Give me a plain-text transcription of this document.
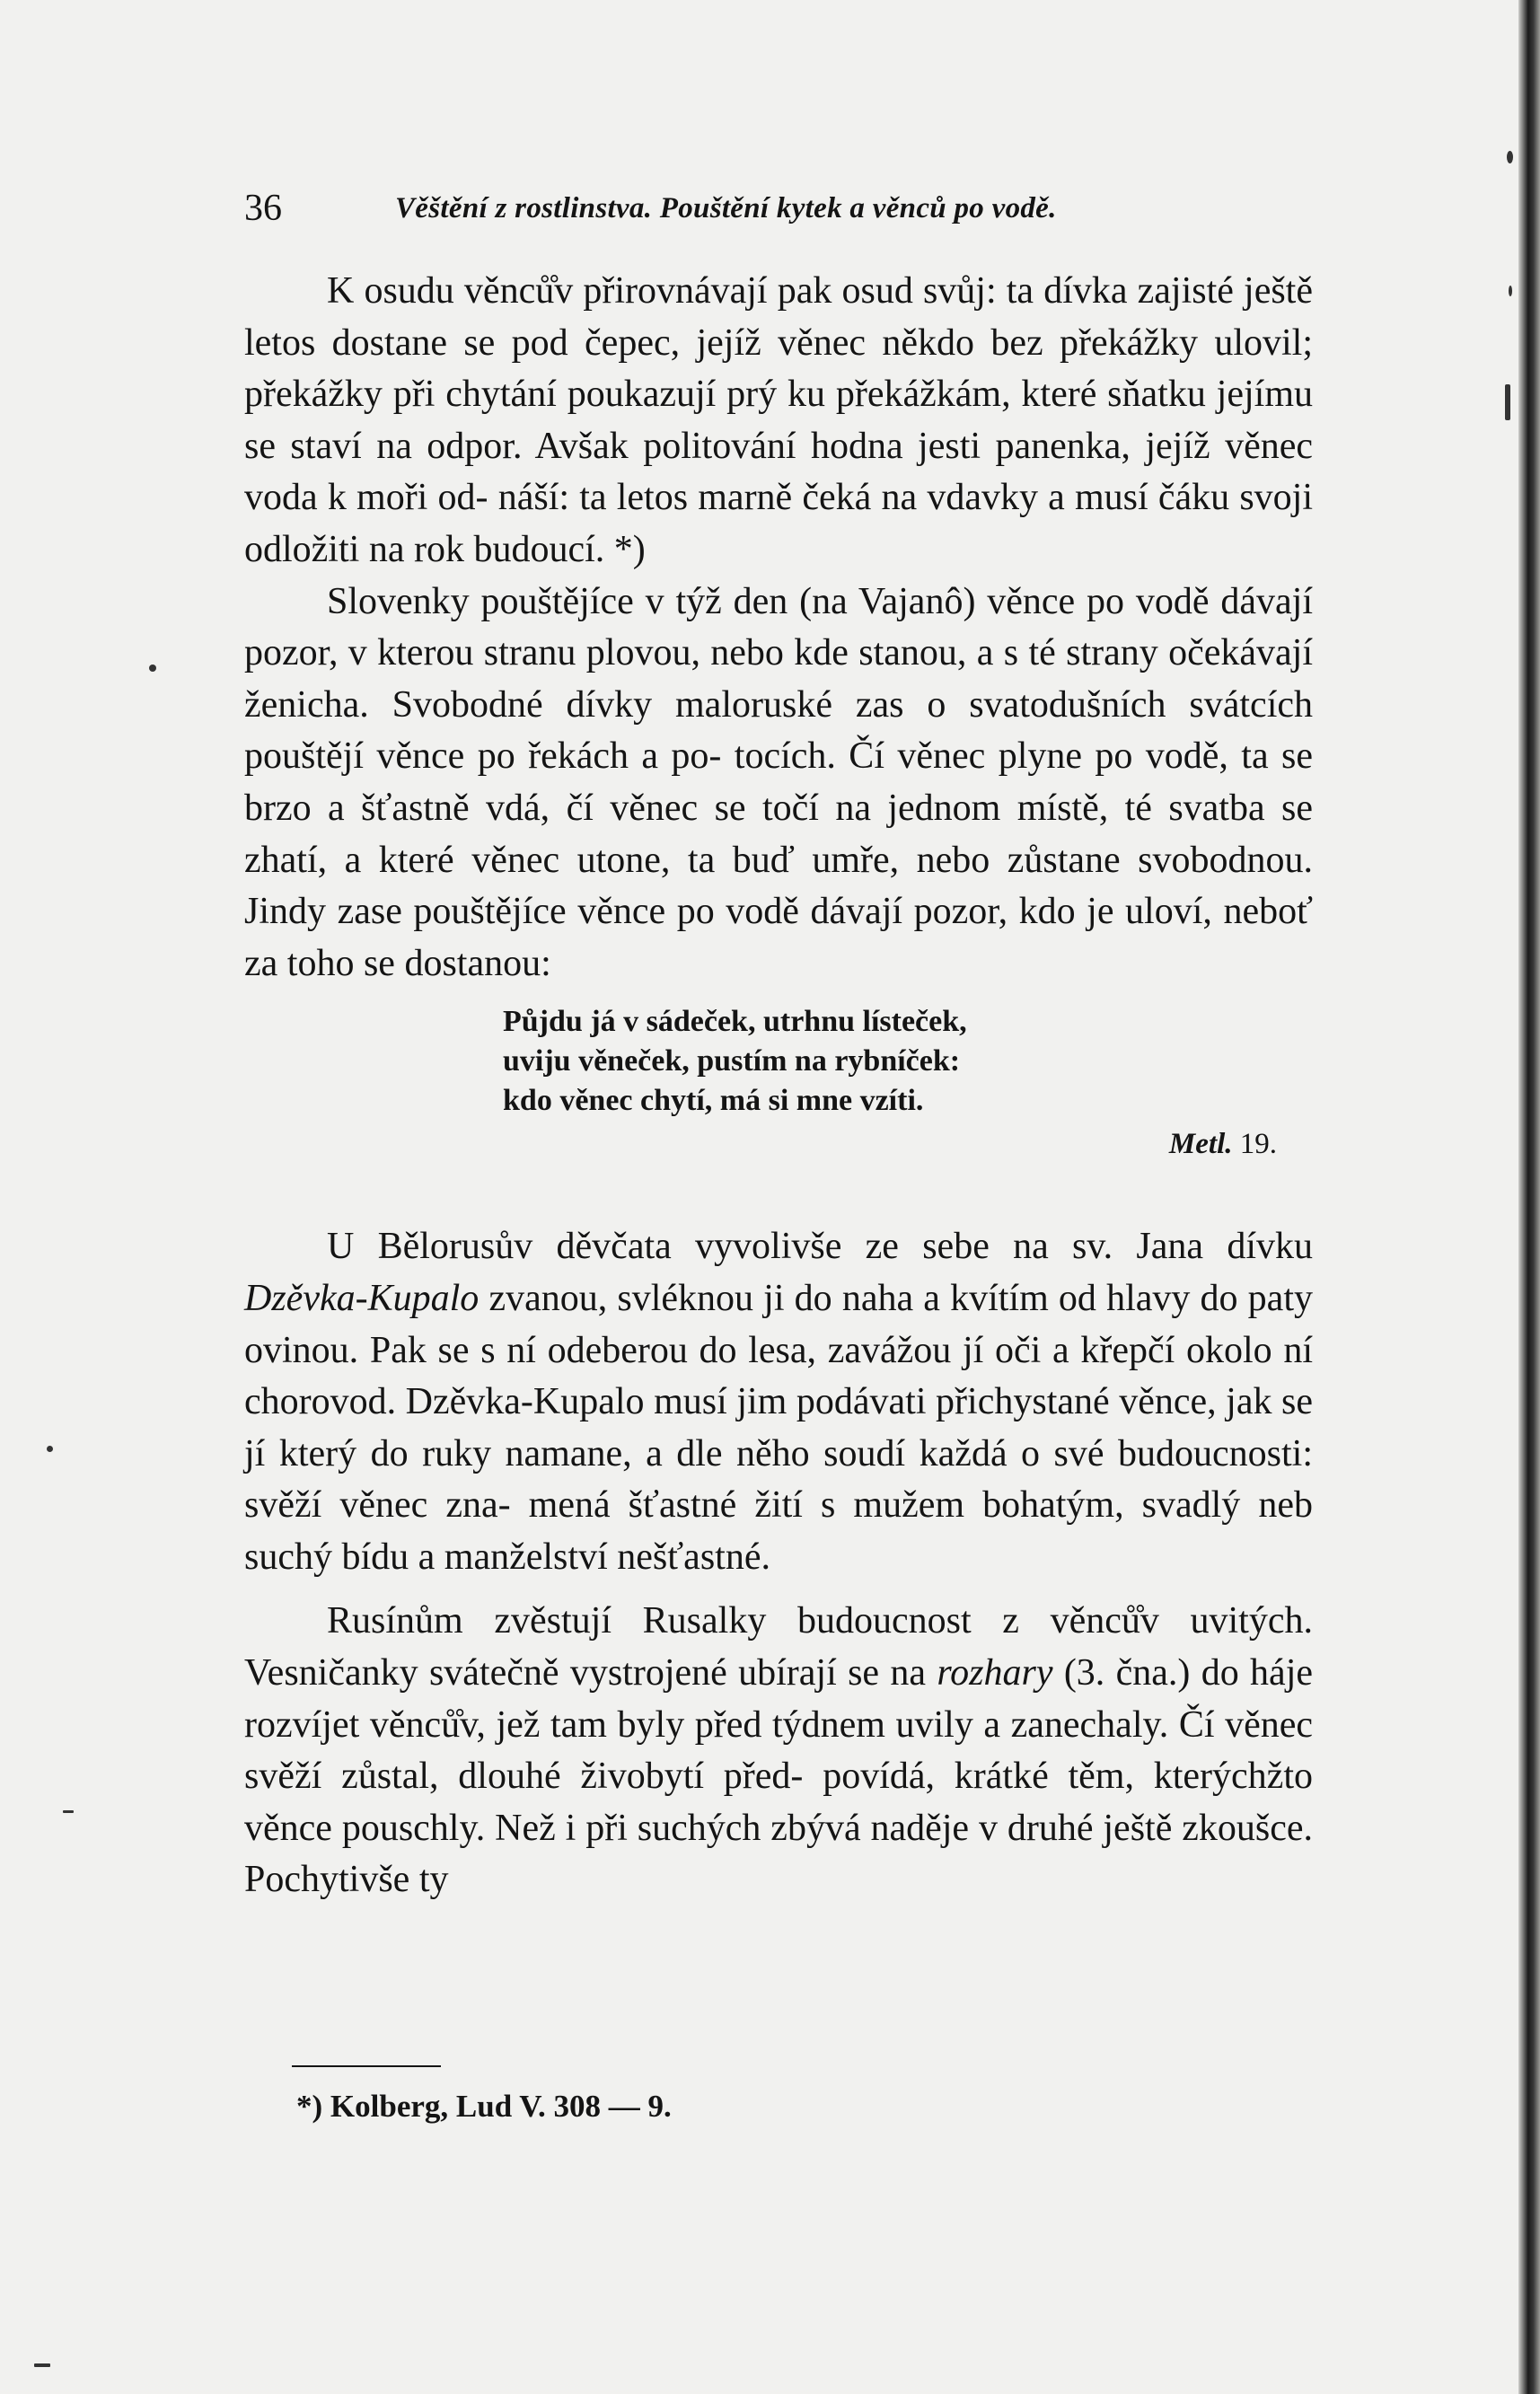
36	Věštění z rostlinstva. Pouštění kytek a věnců po vodě.

K osudu věnců̊v přirovnávají pak osud svůj: ta dívka zajisté ještě letos dostane se pod čepec, jejíž věnec někdo bez překážky ulovil; překážky při chytání poukazují prý ku překážkám, které sňatku jejímu se staví na odpor. Avšak politování hodna jesti panenka, jejíž věnec voda k moři od- náší: ta letos marně čeká na vdavky a musí čáku svoji odložiti na rok budoucí. *)

Slovenky pouštějíce v týž den (na Vajanô) věnce po vodě dávají pozor, v kterou stranu plovou, nebo kde stanou, a s té strany očekávají ženicha. Svobodné dívky maloruské zas o svatodušních svátcích pouštějí věnce po řekách a po- tocích. Čí věnec plyne po vodě, ta se brzo a šťastně vdá, čí věnec se točí na jednom místě, té svatba se zhatí, a které věnec utone, ta buď umře, nebo zůstane svobodnou. Jindy zase pouštějíce věnce po vodě dávají pozor, kdo je uloví, neboť za toho se dostanou:

Půjdu já v sádeček, utrhnu lísteček,
uviju věneček, pustím na rybníček:
kdo věnec chytí, má si mne vzíti.
Metl. 19.

U Bělorusův děvčata vyvolivše ze sebe na sv. Jana dívku Dzěvka-Kupalo zvanou, svléknou ji do naha a kvítím od hlavy do paty ovinou. Pak se s ní odeberou do lesa, zavážou jí oči a křepčí okolo ní chorovod. Dzěvka-Kupalo musí jim podávati přichystané věnce, jak se jí který do ruky namane, a dle něho soudí každá o své budoucnosti: svěží věnec zna- mená šťastné žití s mužem bohatým, svadlý neb suchý bídu a manželství nešťastné.

Rusínům zvěstují Rusalky budoucnost z věnců̊v uvitých. Vesničanky svátečně vystrojené ubírají se na rozhary (3. čna.) do háje rozvíjet věnců̊v, jež tam byly před týdnem uvily a zanechaly. Čí věnec svěží zůstal, dlouhé živobytí před- povídá, krátké těm, kterýchžto věnce pouschly. Než i při suchých zbývá naděje v druhé ještě zkoušce. Pochytivše ty

*) Kolberg, Lud V. 308 — 9.
